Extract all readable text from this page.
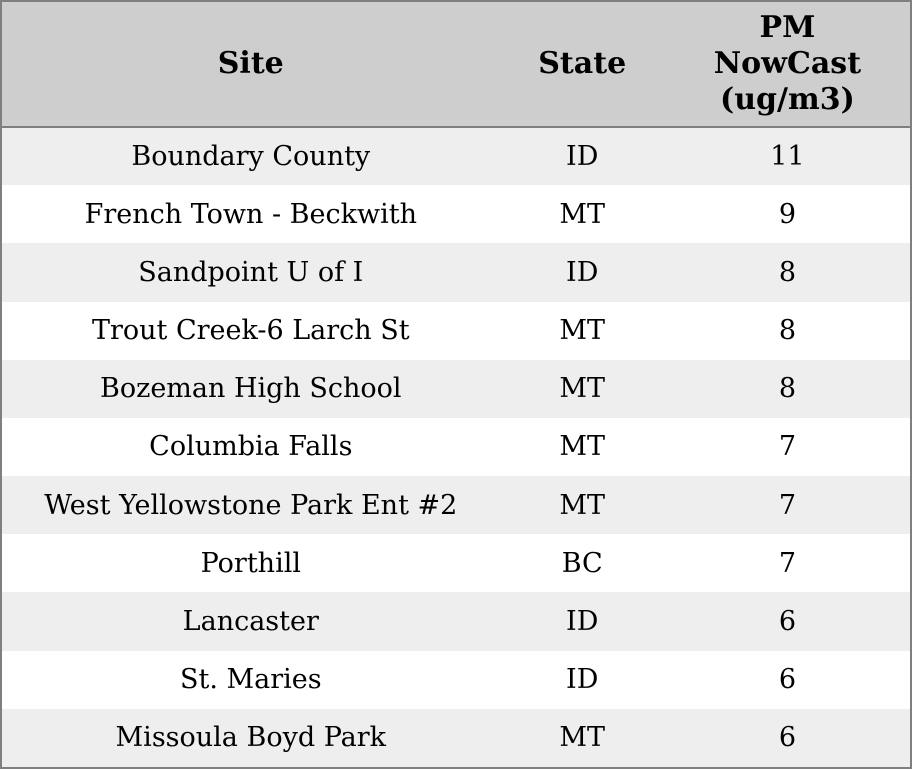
Site	State	PM NowCast (ug/m3)

Boundary County	ID	11
French Town - Beckwith	MT	9
Sandpoint U of I	ID	8
Trout Creek-6 Larch St	MT	8
Bozeman High School	MT	8
Columbia Falls	MT	7
West Yellowstone Park Ent #2	MT	7
Porthill	BC	7
Lancaster	ID	6
St. Maries	ID	6
Missoula Boyd Park	MT	6
